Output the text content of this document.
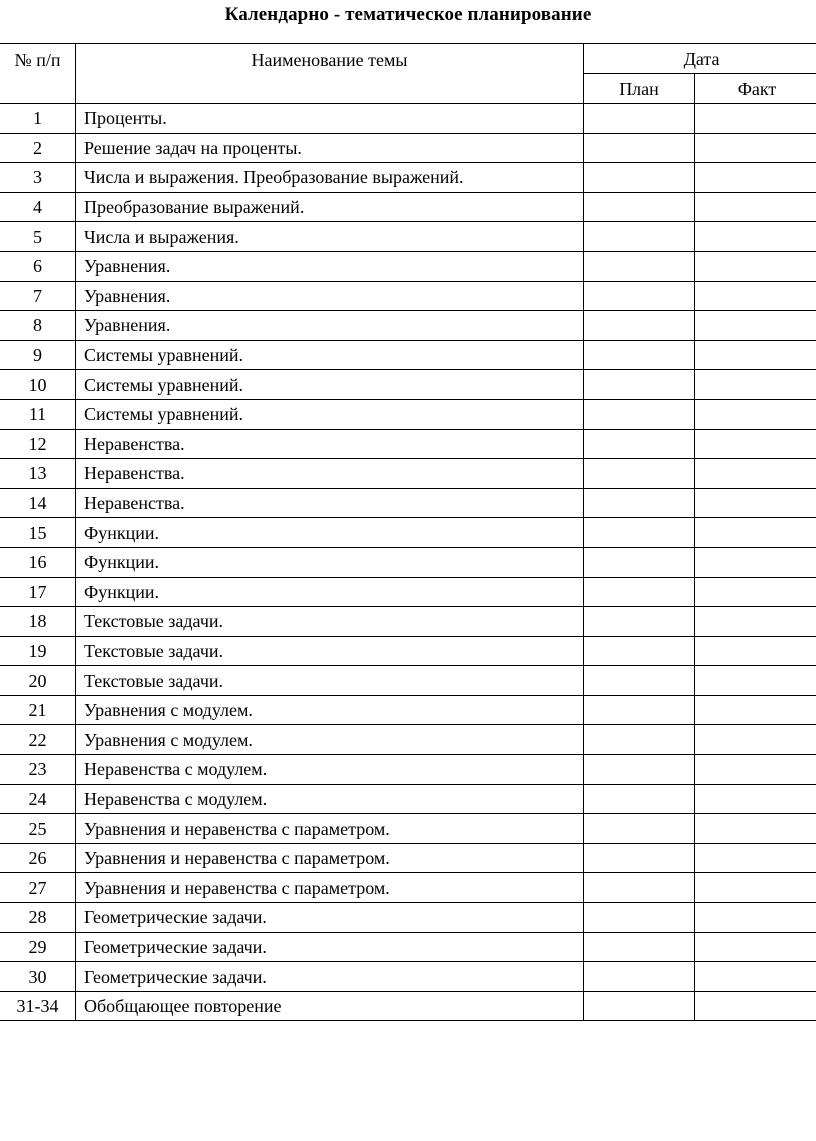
Календарно - тематическое планирование
№ п/п	Наименование темы	Дата	
		План	Факт
1	Проценты.		
2	Решение задач на проценты.		
3	Числа и выражения. Преобразование выражений.		
4	Преобразование выражений.		
5	Числа и выражения.		
6	Уравнения.		
7	Уравнения.		
8	Уравнения.		
9	Системы уравнений.		
10	Системы уравнений.		
11	Системы уравнений.		
12	Неравенства.		
13	Неравенства.		
14	Неравенства.		
15	Функции.		
16	Функции.		
17	Функции.		
18	Текстовые задачи.		
19	Текстовые задачи.		
20	Текстовые задачи.		
21	Уравнения с модулем.		
22	Уравнения с модулем.		
23	Неравенства с модулем.		
24	Неравенства с модулем.		
25	Уравнения и неравенства с параметром.		
26	Уравнения и неравенства с параметром.		
27	Уравнения и неравенства с параметром.		
28	Геометрические задачи.		
29	Геометрические задачи.		
30	Геометрические задачи.		
31-34	Обобщающее повторение		
